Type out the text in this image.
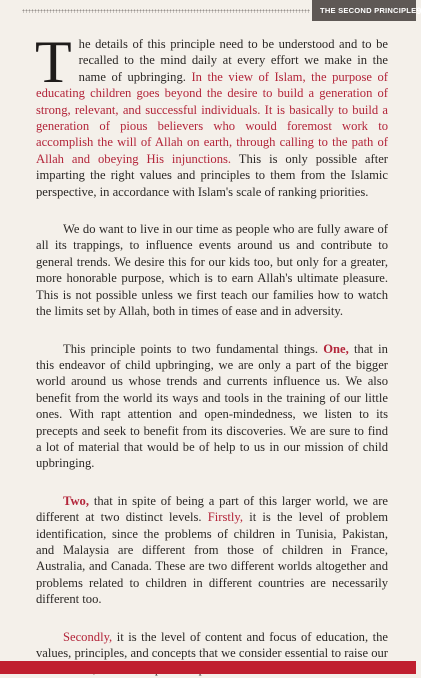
THE SECOND PRINCIPLE 9

The details of this principle need to be understood and to be recalled to the mind daily at every effort we make in the name of upbringing. In the view of Islam, the purpose of educating children goes beyond the desire to build a generation of strong, relevant, and successful individuals. It is basically to build a generation of pious believers who would foremost work to accomplish the will of Allah on earth, through calling to the path of Allah and obeying His injunctions. This is only possible after imparting the right values and principles to them from the Islamic perspective, in accordance with Islam's scale of ranking priorities.

We do want to live in our time as people who are fully aware of all its trappings, to influence events around us and contribute to general trends. We desire this for our kids too, but only for a greater, more honorable purpose, which is to earn Allah's ultimate pleasure. This is not possible unless we first teach our families how to watch the limits set by Allah, both in times of ease and in adversity.

This principle points to two fundamental things. One, that in this endeavor of child upbringing, we are only a part of the bigger world around us whose trends and currents influence us. We also benefit from the world its ways and tools in the training of our little ones. With rapt attention and open-mindedness, we listen to its precepts and seek to benefit from its discoveries. We are sure to find a lot of material that would be of help to us in our mission of child upbringing.

Two, that in spite of being a part of this larger world, we are different at two distinct levels. Firstly, it is the level of problem identification, since the problems of children in Tunisia, Pakistan, and Malaysia are different from those of children in France, Australia, and Canada. These are two different worlds altogether and problems related to children in different countries are necessarily different too.

Secondly, it is the level of content and focus of education, the values, principles, and concepts that we consider essential to raise our
